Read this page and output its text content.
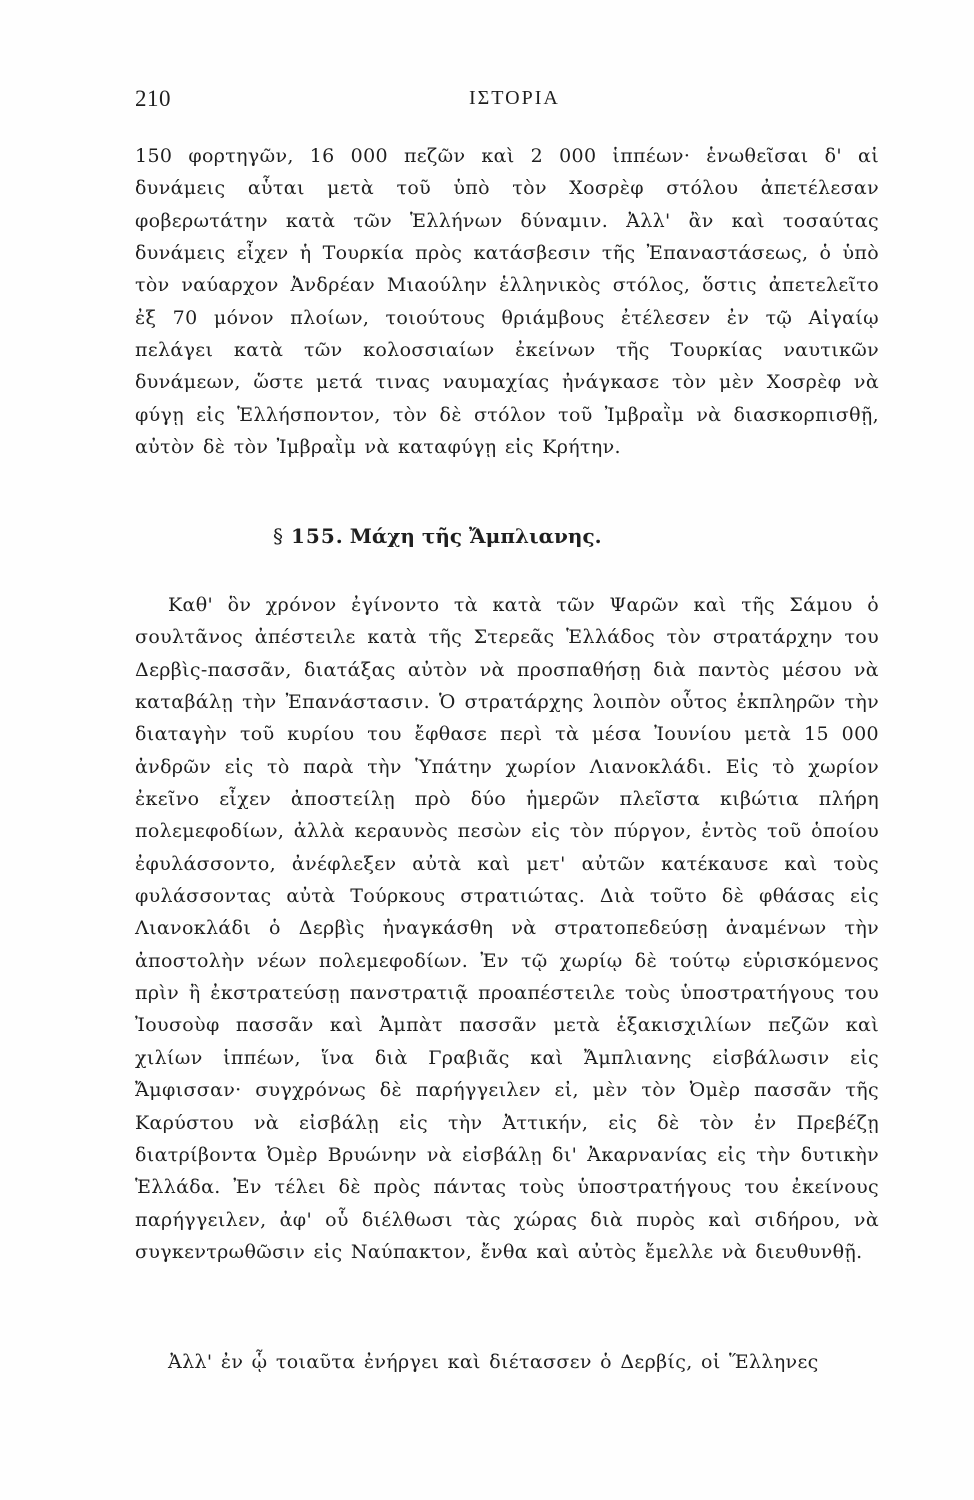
210	ΙΣΤΟΡΙΑ
150 φορτηγῶν, 16 000 πεζῶν καὶ 2 000 ἱππέων· ἑνωθεῖσαι δ' αἱ δυνάμεις αὗται μετὰ τοῦ ὑπὸ τὸν Χοσρὲφ στόλου ἀπετέλεσαν φοβερωτάτην κατὰ τῶν Ἑλλήνων δύναμιν. Ἀλλ' ἂν καὶ τοσαύτας δυνάμεις εἶχεν ἡ Τουρκία πρὸς κατάσβεσιν τῆς Ἐπαναστάσεως, ὁ ὑπὸ τὸν ναύαρχον Ἀνδρέαν Μιαούλην ἑλληνικὸς στόλος, ὅστις ἀπετελεῖτο ἐξ 70 μόνον πλοίων, τοιούτους θριάμβους ἐτέλεσεν ἐν τῷ Αἰγαίῳ πελάγει κατὰ τῶν κολοσσιαίων ἐκείνων τῆς Τουρκίας ναυτικῶν δυνάμεων, ὥστε μετά τινας ναυμαχίας ἠνάγκασε τὸν μὲν Χοσρὲφ νὰ φύγῃ εἰς Ἑλλήσποντον, τὸν δὲ στόλον τοῦ Ἰμβραῒμ νὰ διασκορπισθῇ, αὐτὸν δὲ τὸν Ἰμβραῒμ νὰ καταφύγῃ εἰς Κρήτην.
§ 155. Μάχη τῆς Ἄμπλιανης.
Καθ' ὃν χρόνον ἐγίνοντο τὰ κατὰ τῶν Ψαρῶν καὶ τῆς Σάμου ὁ σουλτᾶνος ἀπέστειλε κατὰ τῆς Στερεᾶς Ἑλλάδος τὸν στρατάρχην του Δερβὶς-πασσᾶν, διατάξας αὐτὸν νὰ προσπαθήσῃ διὰ παντὸς μέσου νὰ καταβάλῃ τὴν Ἐπανάστασιν. Ὁ στρατάρχης λοιπὸν οὗτος ἐκπληρῶν τὴν διαταγὴν τοῦ κυρίου του ἔφθασε περὶ τὰ μέσα Ἰουνίου μετὰ 15 000 ἀνδρῶν εἰς τὸ παρὰ τὴν Ὑπάτην χωρίον Λιανοκλάδι. Εἰς τὸ χωρίον ἐκεῖνο εἶχεν ἀποστείλῃ πρὸ δύο ἡμερῶν πλεῖστα κιβώτια πλήρη πολεμεφοδίων, ἀλλὰ κεραυνὸς πεσὼν εἰς τὸν πύργον, ἐντὸς τοῦ ὁποίου ἐφυλάσσοντο, ἀνέφλεξεν αὐτὰ καὶ μετ' αὐτῶν κατέκαυσε καὶ τοὺς φυλάσσοντας αὐτὰ Τούρκους στρατιώτας. Διὰ τοῦτο δὲ φθάσας εἰς Λιανοκλάδι ὁ Δερβὶς ἠναγκάσθη νὰ στρατοπεδεύσῃ ἀναμένων τὴν ἀποστολὴν νέων πολεμεφοδίων. Ἐν τῷ χωρίῳ δὲ τούτῳ εὑρισκόμενος πρὶν ἢ ἐκστρατεύσῃ πανστρατιᾷ προαπέστειλε τοὺς ὑποστρατήγους του Ἰουσοὺφ πασσᾶν καὶ Ἀμπὰτ πασσᾶν μετὰ ἑξακισχιλίων πεζῶν καὶ χιλίων ἱππέων, ἵνα διὰ Γραβιᾶς καὶ Ἄμπλιανης εἰσβάλωσιν εἰς Ἄμφισσαν· συγχρόνως δὲ παρήγγειλεν εἰ, μὲν τὸν Ὀμὲρ πασσᾶν τῆς Καρύστου νὰ εἰσβάλῃ εἰς τὴν Ἀττικήν, εἰς δὲ τὸν ἐν Πρεβέζῃ διατρίβοντα Ὀμὲρ Βρυώνην νὰ εἰσβάλῃ δι' Ἀκαρνανίας εἰς τὴν δυτικὴν Ἑλλάδα. Ἐν τέλει δὲ πρὸς πάντας τοὺς ὑποστρατήγους του ἐκείνους παρήγγειλεν, ἀφ' οὗ διέλθωσι τὰς χώρας διὰ πυρὸς καὶ σιδήρου, νὰ συγκεντρωθῶσιν εἰς Ναύπακτον, ἔνθα καὶ αὐτὸς ἔμελλε νὰ διευθυνθῇ.
Ἀλλ' ἐν ᾧ τοιαῦτα ἐνήργει καὶ διέτασσεν ὁ Δερβίς, οἱ Ἕλληνες
